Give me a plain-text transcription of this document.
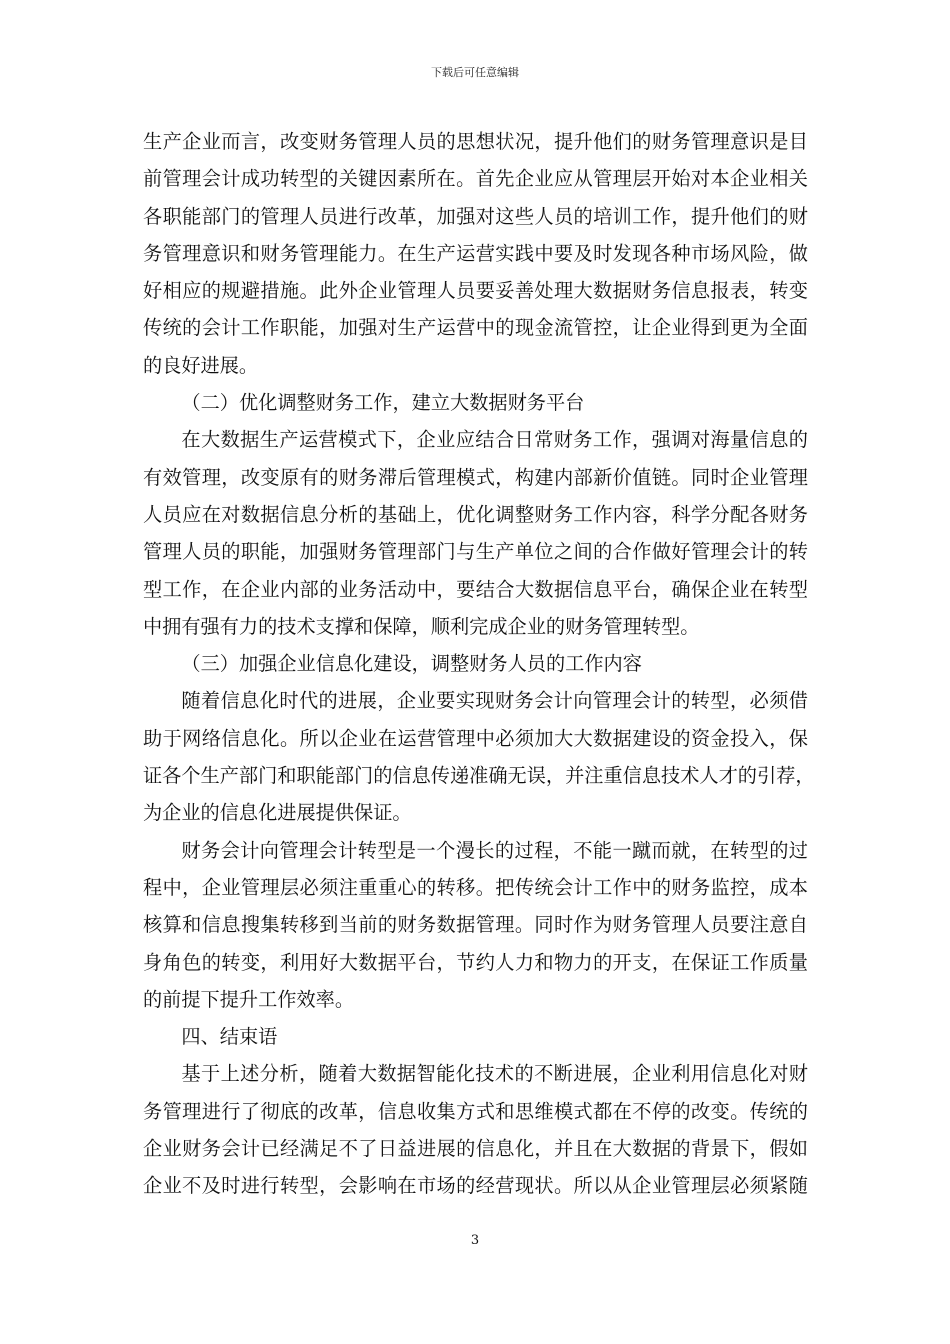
下载后可任意编辑
生产企业而言，改变财务管理人员的思想状况，提升他们的财务管理意识是目
前管理会计成功转型的关键因素所在。首先企业应从管理层开始对本企业相关
各职能部门的管理人员进行改革，加强对这些人员的培训工作，提升他们的财
务管理意识和财务管理能力。在生产运营实践中要及时发现各种市场风险，做
好相应的规避措施。此外企业管理人员要妥善处理大数据财务信息报表，转变
传统的会计工作职能，加强对生产运营中的现金流管控，让企业得到更为全面
的良好进展。
（二）优化调整财务工作，建立大数据财务平台
在大数据生产运营模式下，企业应结合日常财务工作，强调对海量信息的
有效管理，改变原有的财务滞后管理模式，构建内部新价值链。同时企业管理
人员应在对数据信息分析的基础上，优化调整财务工作内容，科学分配各财务
管理人员的职能，加强财务管理部门与生产单位之间的合作做好管理会计的转
型工作，在企业内部的业务活动中，要结合大数据信息平台，确保企业在转型
中拥有强有力的技术支撑和保障，顺利完成企业的财务管理转型。
（三）加强企业信息化建设，调整财务人员的工作内容
随着信息化时代的进展，企业要实现财务会计向管理会计的转型，必须借
助于网络信息化。所以企业在运营管理中必须加大大数据建设的资金投入，保
证各个生产部门和职能部门的信息传递准确无误，并注重信息技术人才的引荐，
为企业的信息化进展提供保证。
财务会计向管理会计转型是一个漫长的过程，不能一蹴而就，在转型的过
程中，企业管理层必须注重重心的转移。把传统会计工作中的财务监控，成本
核算和信息搜集转移到当前的财务数据管理。同时作为财务管理人员要注意自
身角色的转变，利用好大数据平台，节约人力和物力的开支，在保证工作质量
的前提下提升工作效率。
四、结束语
基于上述分析，随着大数据智能化技术的不断进展，企业利用信息化对财
务管理进行了彻底的改革，信息收集方式和思维模式都在不停的改变。传统的
企业财务会计已经满足不了日益进展的信息化，并且在大数据的背景下，假如
企业不及时进行转型，会影响在市场的经营现状。所以从企业管理层必须紧随
3
